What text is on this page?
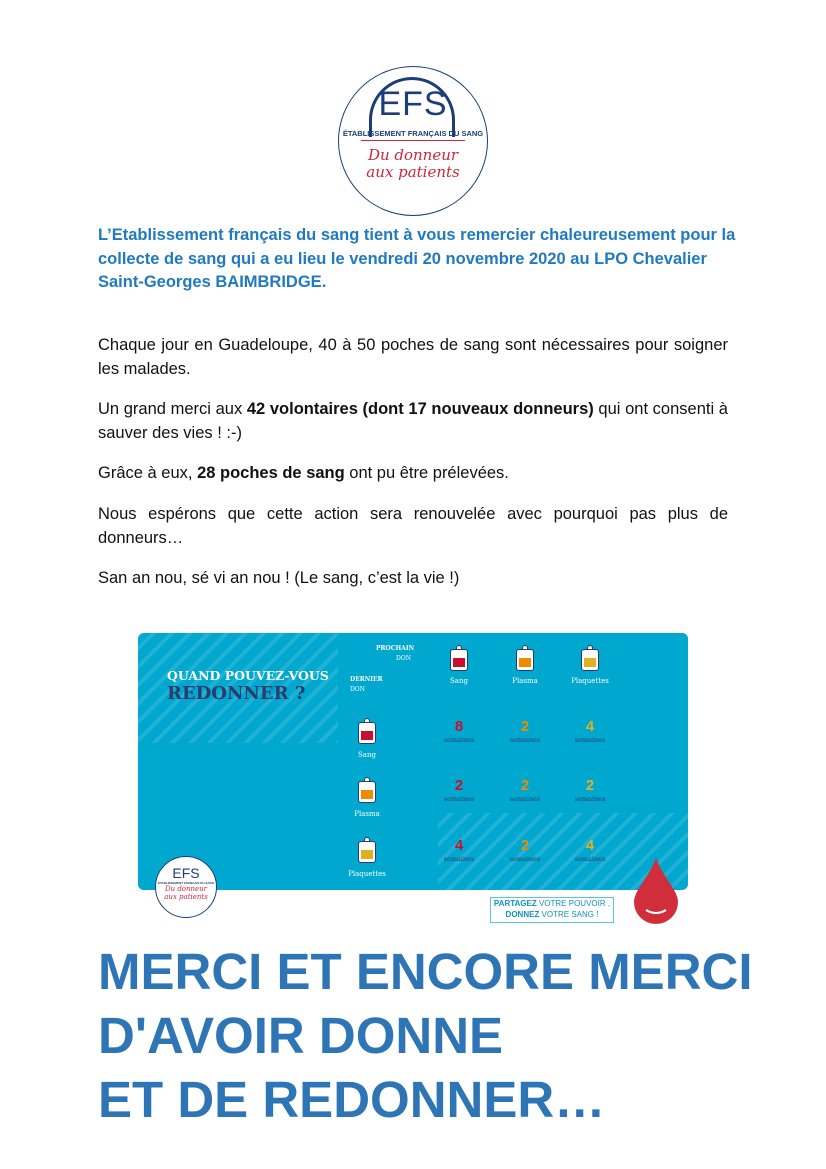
EFS
ÉTABLISSEMENT FRANÇAIS DU SANG
Du donneur
aux patients
L’Etablissement français du sang tient à vous remercier chaleureusement pour la collecte de sang qui a eu lieu le vendredi 20 novembre 2020 au LPO Chevalier Saint-Georges BAIMBRIDGE.
Chaque jour en Guadeloupe, 40 à 50 poches de sang sont nécessaires pour soigner les malades.
Un grand merci aux 42 volontaires (dont 17 nouveaux donneurs) qui ont consenti à sauver des vies ! :-)
Grâce à eux, 28 poches de sang ont pu être prélevées.
Nous espérons que cette action sera renouvelée avec pourquoi pas plus de donneurs…
San an nou, sé vi an nou ! (Le sang, c’est la vie !)
QUAND POUVEZ-VOUS
REDONNER ?
PROCHAIN
DON
DERNIER
DON
Sang	Plasma	Plaquettes
Sang
8
semaines
2
semaines
4
semaines
Plasma
2
semaines
2
semaines
2
semaines
Plaquettes
4
semaines
2
semaines
4
semaines
EFS
ÉTABLISSEMENT FRANÇAIS DU SANG
Du donneur
aux patients
PARTAGEZ VOTRE POUVOIR ,
DONNEZ VOTRE SANG !
MERCI ET ENCORE MERCI
D'AVOIR DONNE
ET DE REDONNER…
